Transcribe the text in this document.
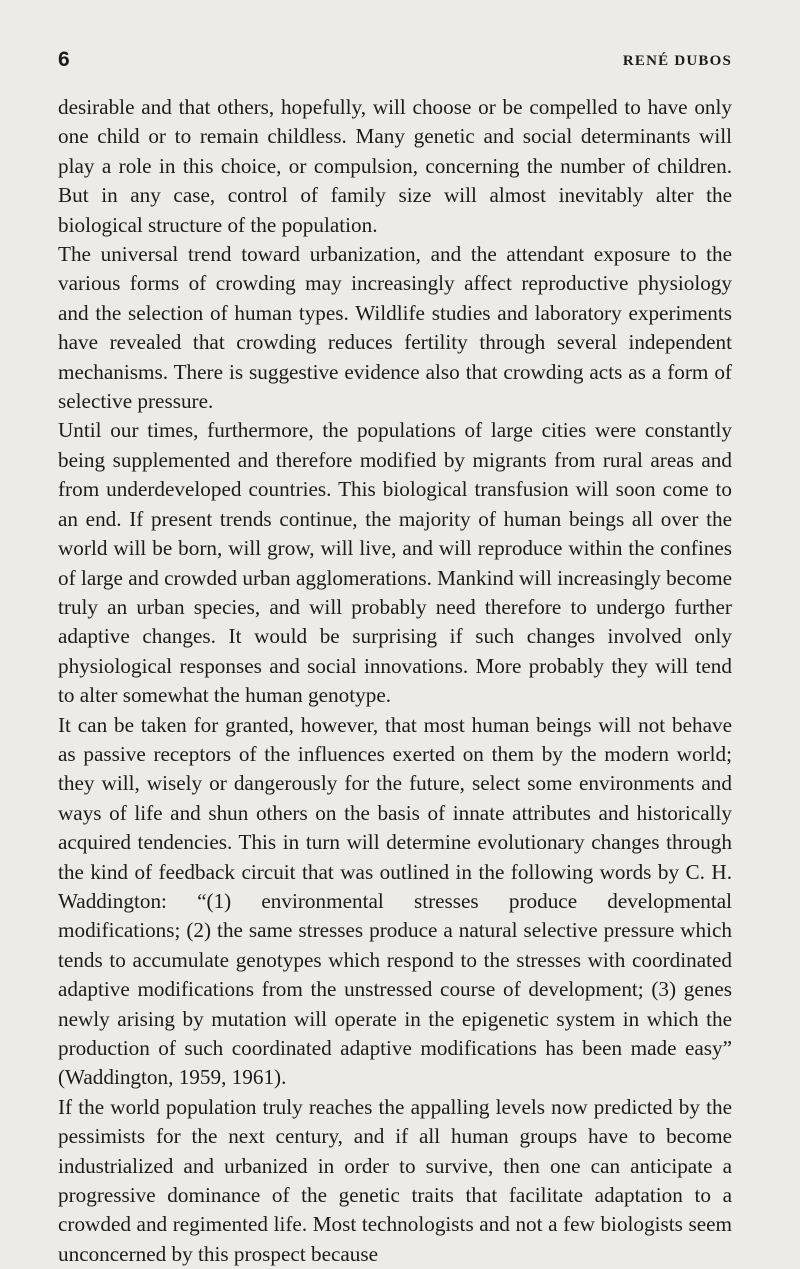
6	RENÉ DUBOS

desirable and that others, hopefully, will choose or be compelled to have only one child or to remain childless. Many genetic and social determinants will play a role in this choice, or compulsion, concerning the number of children. But in any case, control of family size will almost inevitably alter the biological structure of the population.

The universal trend toward urbanization, and the attendant exposure to the various forms of crowding may increasingly affect reproductive physiology and the selection of human types. Wildlife studies and laboratory experiments have revealed that crowding reduces fertility through several independent mechanisms. There is suggestive evidence also that crowding acts as a form of selective pressure.

Until our times, furthermore, the populations of large cities were constantly being supplemented and therefore modified by migrants from rural areas and from underdeveloped countries. This biological transfusion will soon come to an end. If present trends continue, the majority of human beings all over the world will be born, will grow, will live, and will reproduce within the confines of large and crowded urban agglomerations. Mankind will increasingly become truly an urban species, and will probably need therefore to undergo further adaptive changes. It would be surprising if such changes involved only physiological responses and social innovations. More probably they will tend to alter somewhat the human genotype.

It can be taken for granted, however, that most human beings will not behave as passive receptors of the influences exerted on them by the modern world; they will, wisely or dangerously for the future, select some environments and ways of life and shun others on the basis of innate attributes and historically acquired tendencies. This in turn will determine evolutionary changes through the kind of feedback circuit that was outlined in the following words by C. H. Waddington: “(1) environmental stresses produce developmental modifications; (2) the same stresses produce a natural selective pressure which tends to accumulate genotypes which respond to the stresses with coordinated adaptive modifications from the unstressed course of development; (3) genes newly arising by mutation will operate in the epigenetic system in which the production of such coordinated adaptive modifications has been made easy” (Waddington, 1959, 1961).

If the world population truly reaches the appalling levels now predicted by the pessimists for the next century, and if all human groups have to become industrialized and urbanized in order to survive, then one can anticipate a progressive dominance of the genetic traits that facilitate adaptation to a crowded and regimented life. Most technologists and not a few biologists seem unconcerned by this prospect because
